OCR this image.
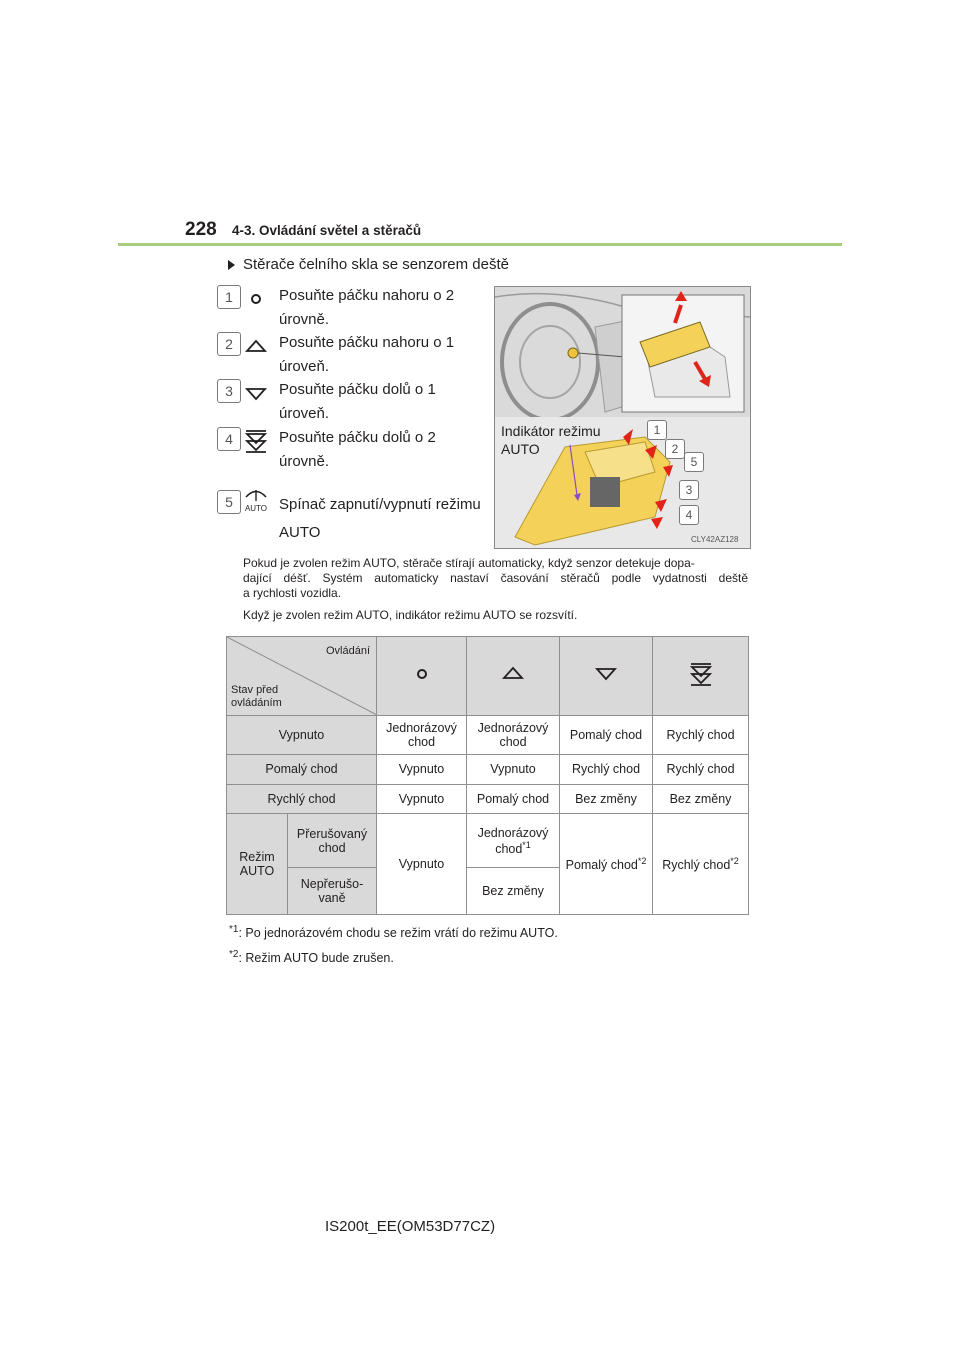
228 4-3. Ovládání světel a stěračů
Stěrače čelního skla se senzorem deště
1	Posuňte páčku nahoru o 2
úrovně.
2	Posuňte páčku nahoru o 1
úroveň.
3	Posuňte páčku dolů o 1
úroveň.
4	Posuňte páčku dolů o 2
úrovně.
5	AUTO Spínač zapnutí/vypnutí režimu
AUTO
Indikátor režimu
AUTO
1
2
5
3
4
CLY42AZ128
Pokud je zvolen režim AUTO, stěrače stírají automaticky, když senzor detekuje dopa-
dající déšť. Systém automaticky nastaví časování stěračů podle vydatnosti deště
a rychlosti vozidla.
Když je zvolen režim AUTO, indikátor režimu AUTO se rozsvítí.
Ovládání
Stav před
ovládáním

Vypnuto		Jednorázový chod	Jednorázový chod	Pomalý chod	Rychlý chod
Pomalý chod		Vypnuto	Vypnuto	Rychlý chod	Rychlý chod
Rychlý chod		Vypnuto	Pomalý chod	Bez změny	Bez změny
Režim AUTO	Přerušovaný chod	Vypnuto	Jednorázový chod$^{*1}$	Pomalý chod$^{*2}$	Rychlý chod$^{*2}$
	Nepřerušo- vaně		Bez změny		
$^{*1}$: Po jednorázovém chodu se režim vrátí do režimu AUTO.
$^{*2}$: Režim AUTO bude zrušen.
IS200t_EE(OM53D77CZ)
